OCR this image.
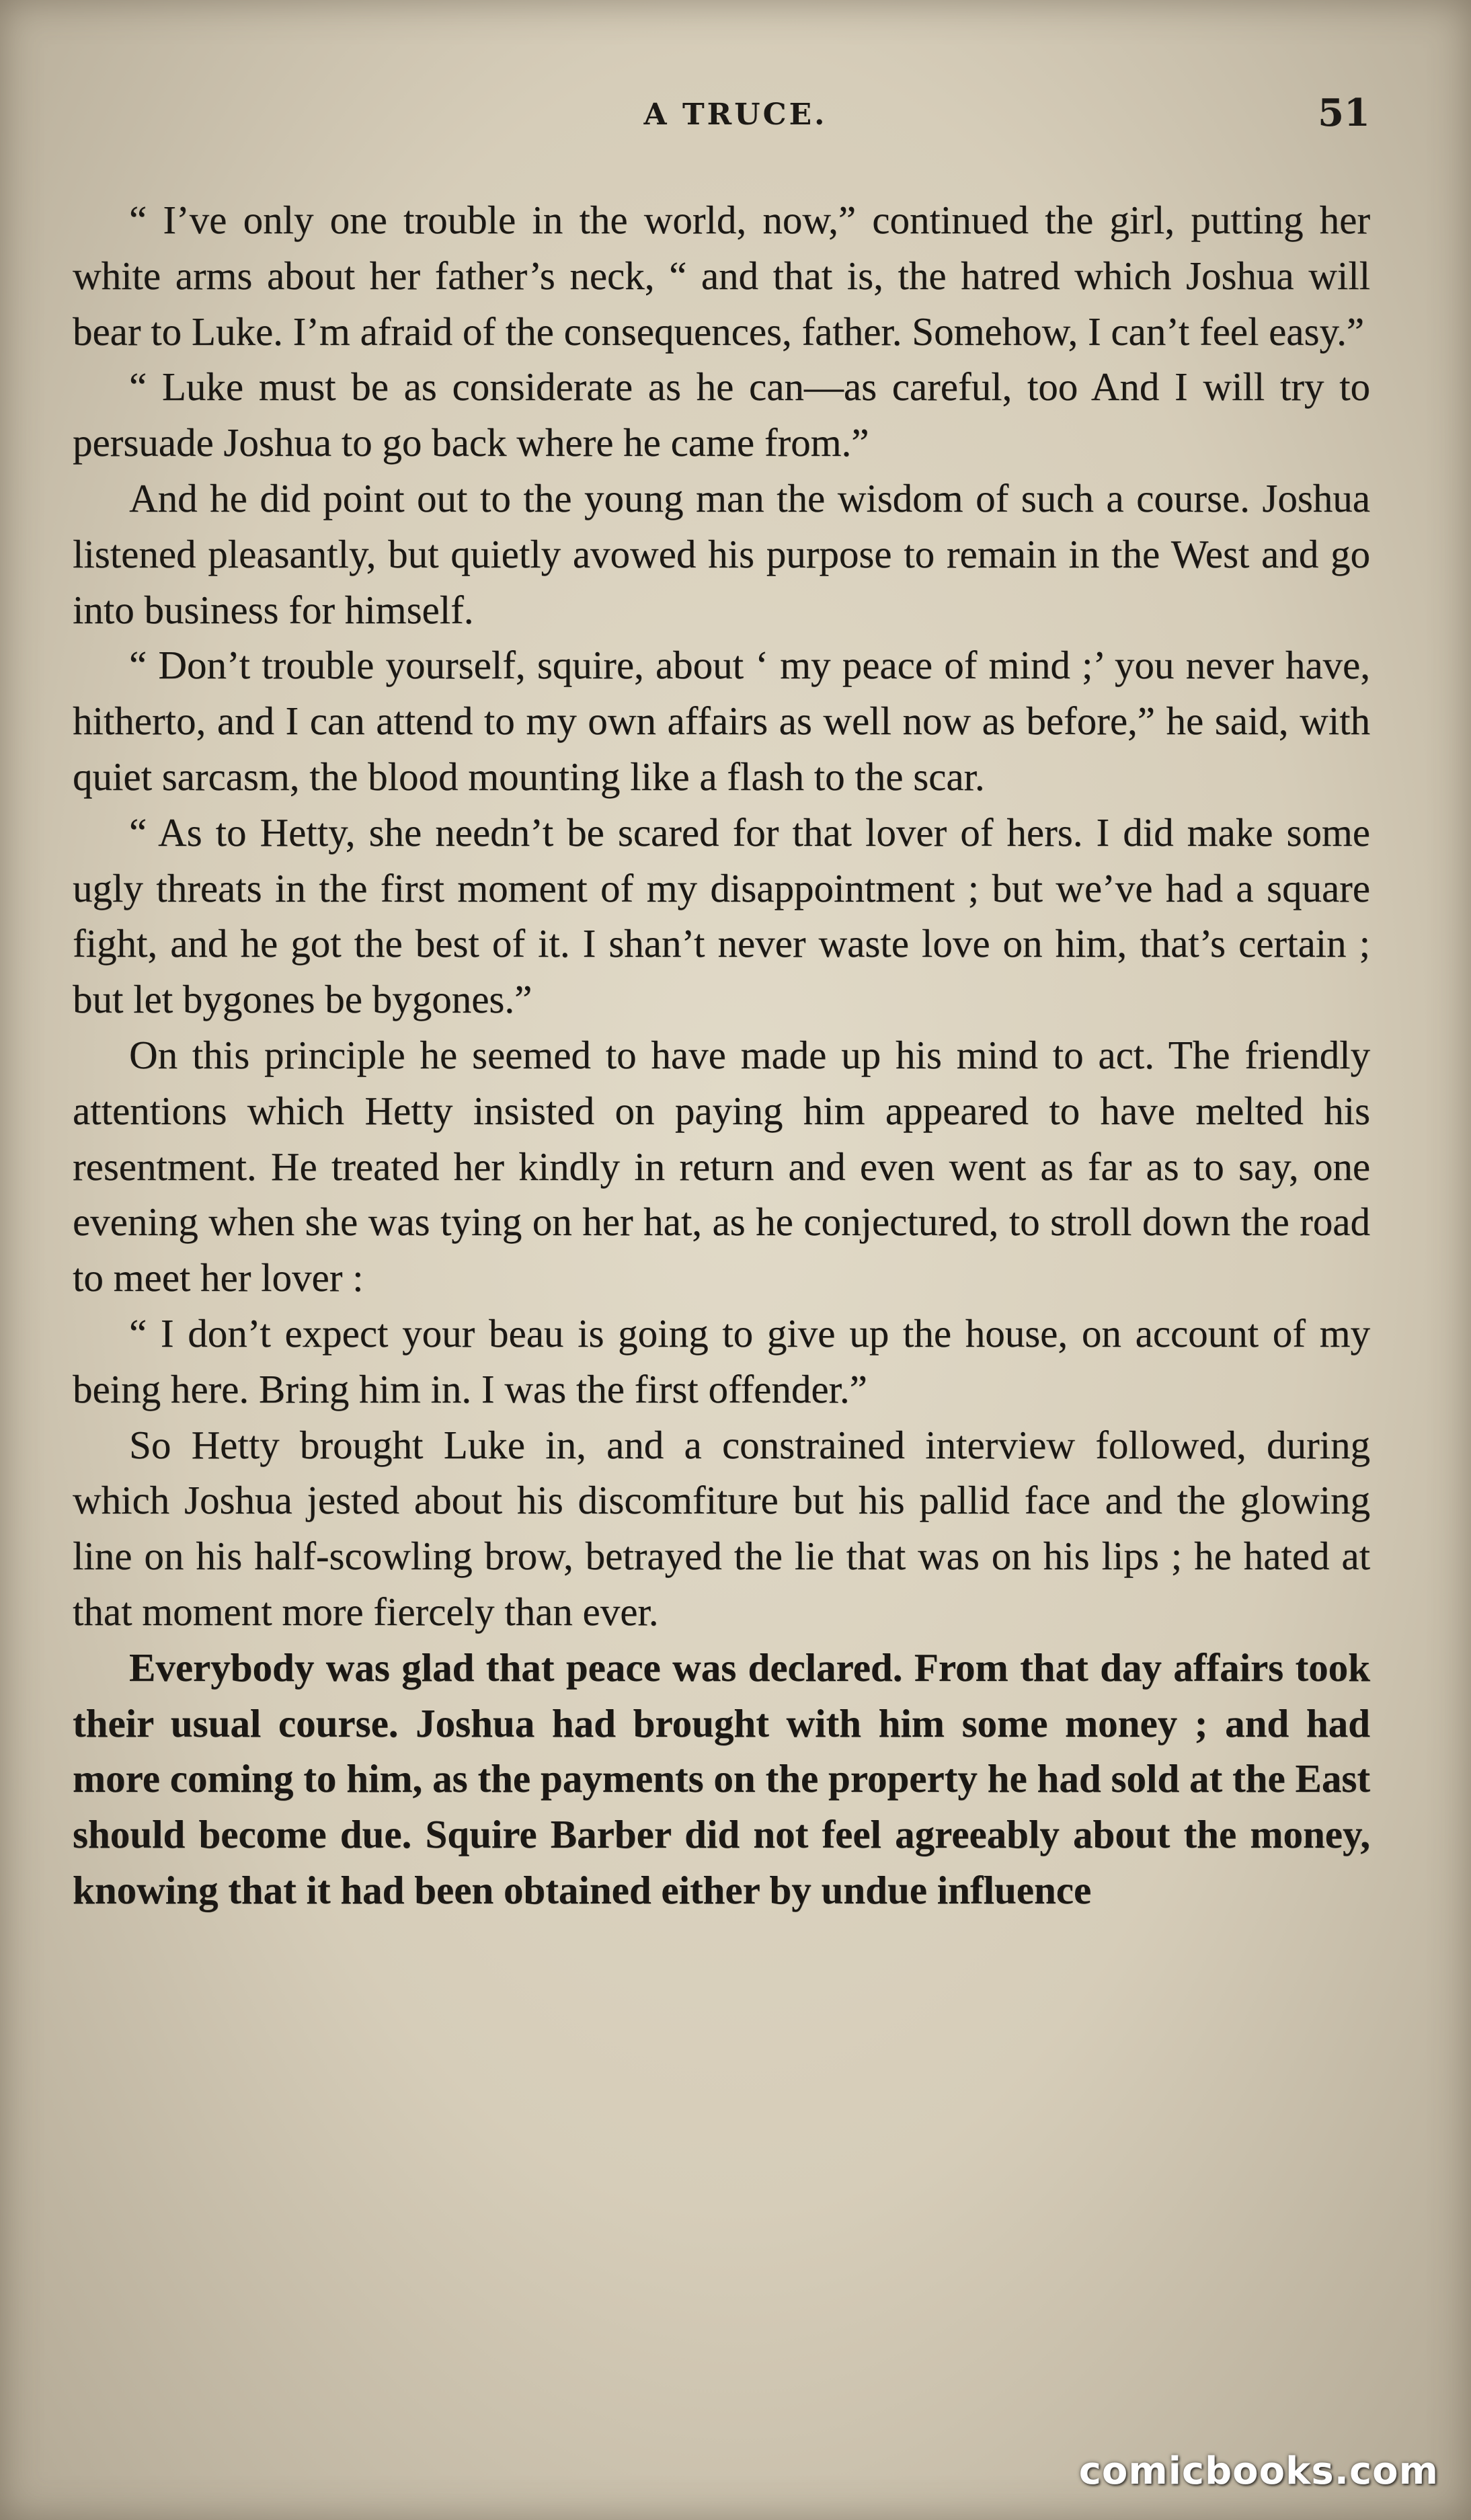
A TRUCE.	51

“ I’ve only one trouble in the world, now,” continued the girl, putting her white arms about her father’s neck, “ and that is, the hatred which Joshua will bear to Luke. I’m afraid of the consequences, father. Somehow, I can’t feel easy.”

“ Luke must be as considerate as he can—as careful, too And I will try to persuade Joshua to go back where he came from.”

And he did point out to the young man the wisdom of such a course. Joshua listened pleasantly, but quietly avowed his purpose to remain in the West and go into business for himself.

“ Don’t trouble yourself, squire, about ‘ my peace of mind ;’ you never have, hitherto, and I can attend to my own affairs as well now as before,” he said, with quiet sarcasm, the blood mounting like a flash to the scar.

“ As to Hetty, she needn’t be scared for that lover of hers. I did make some ugly threats in the first moment of my disappointment ; but we’ve had a square fight, and he got the best of it. I shan’t never waste love on him, that’s certain ; but let bygones be bygones.”

On this principle he seemed to have made up his mind to act. The friendly attentions which Hetty insisted on paying him appeared to have melted his resentment. He treated her kindly in return and even went as far as to say, one evening when she was tying on her hat, as he conjectured, to stroll down the road to meet her lover :

“ I don’t expect your beau is going to give up the house, on account of my being here. Bring him in. I was the first offender.”

So Hetty brought Luke in, and a constrained interview followed, during which Joshua jested about his discomfiture but his pallid face and the glowing line on his half-scowling brow, betrayed the lie that was on his lips ; he hated at that moment more fiercely than ever.

Everybody was glad that peace was declared. From that day affairs took their usual course. Joshua had brought with him some money ; and had more coming to him, as the payments on the property he had sold at the East should become due. Squire Barber did not feel agreeably about the money, knowing that it had been obtained either by undue influence

comicbooks.com
